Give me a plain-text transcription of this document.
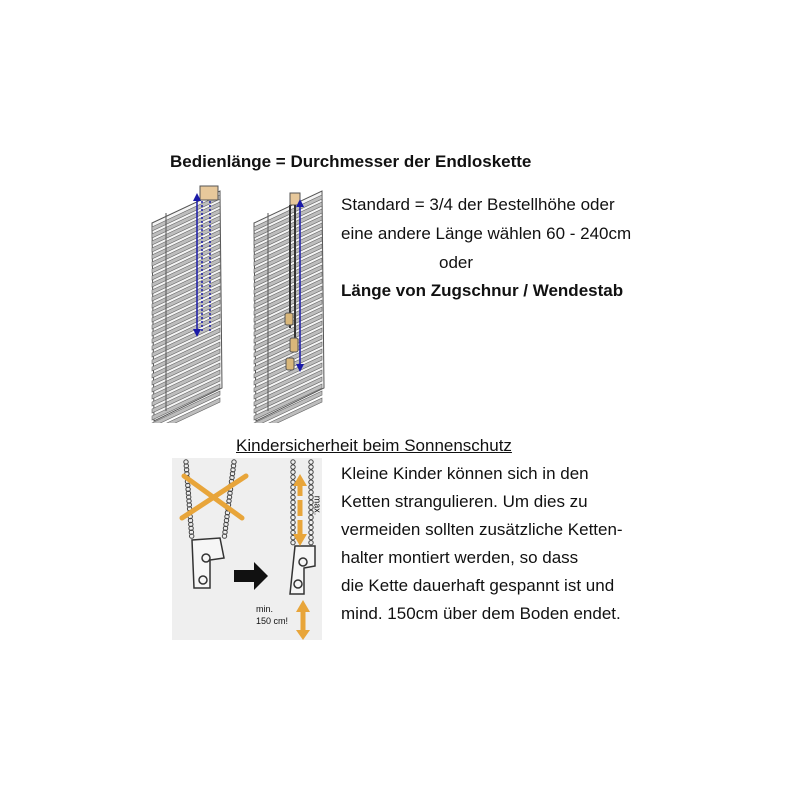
Bedienlänge = Durchmesser der Endloskette
Standard = 3/4 der Bestellhöhe oder
eine andere Länge wählen 60 - 240cm
oder
Länge von Zugschnur / Wendestab
Kindersicherheit beim Sonnenschutz
max.
min.
150 cm!
Kleine Kinder können sich in den
Ketten strangulieren. Um dies zu
vermeiden sollten zusätzliche Ketten-
halter montiert werden, so dass
die Kette dauerhaft gespannt ist und
mind. 150cm über dem Boden endet.
